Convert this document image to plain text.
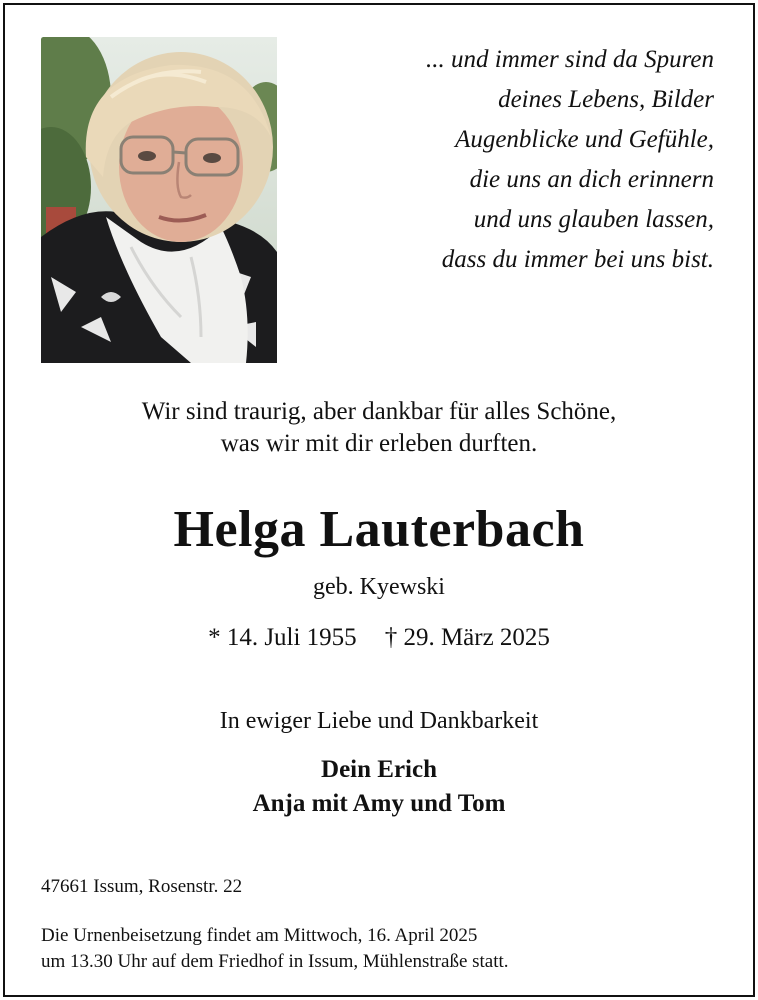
... und immer sind da Spuren
deines Lebens, Bilder
Augenblicke und Gefühle,
die uns an dich erinnern
und uns glauben lassen,
dass du immer bei uns bist.
Wir sind traurig, aber dankbar für alles Schöne,
was wir mit dir erleben durften.
Helga Lauterbach
geb. Kyewski
* 14. Juli 1955 † 29. März 2025
In ewiger Liebe und Dankbarkeit
Dein Erich
Anja mit Amy und Tom
47661 Issum, Rosenstr. 22
Die Urnenbeisetzung findet am Mittwoch, 16. April 2025
um 13.30 Uhr auf dem Friedhof in Issum, Mühlenstraße statt.
